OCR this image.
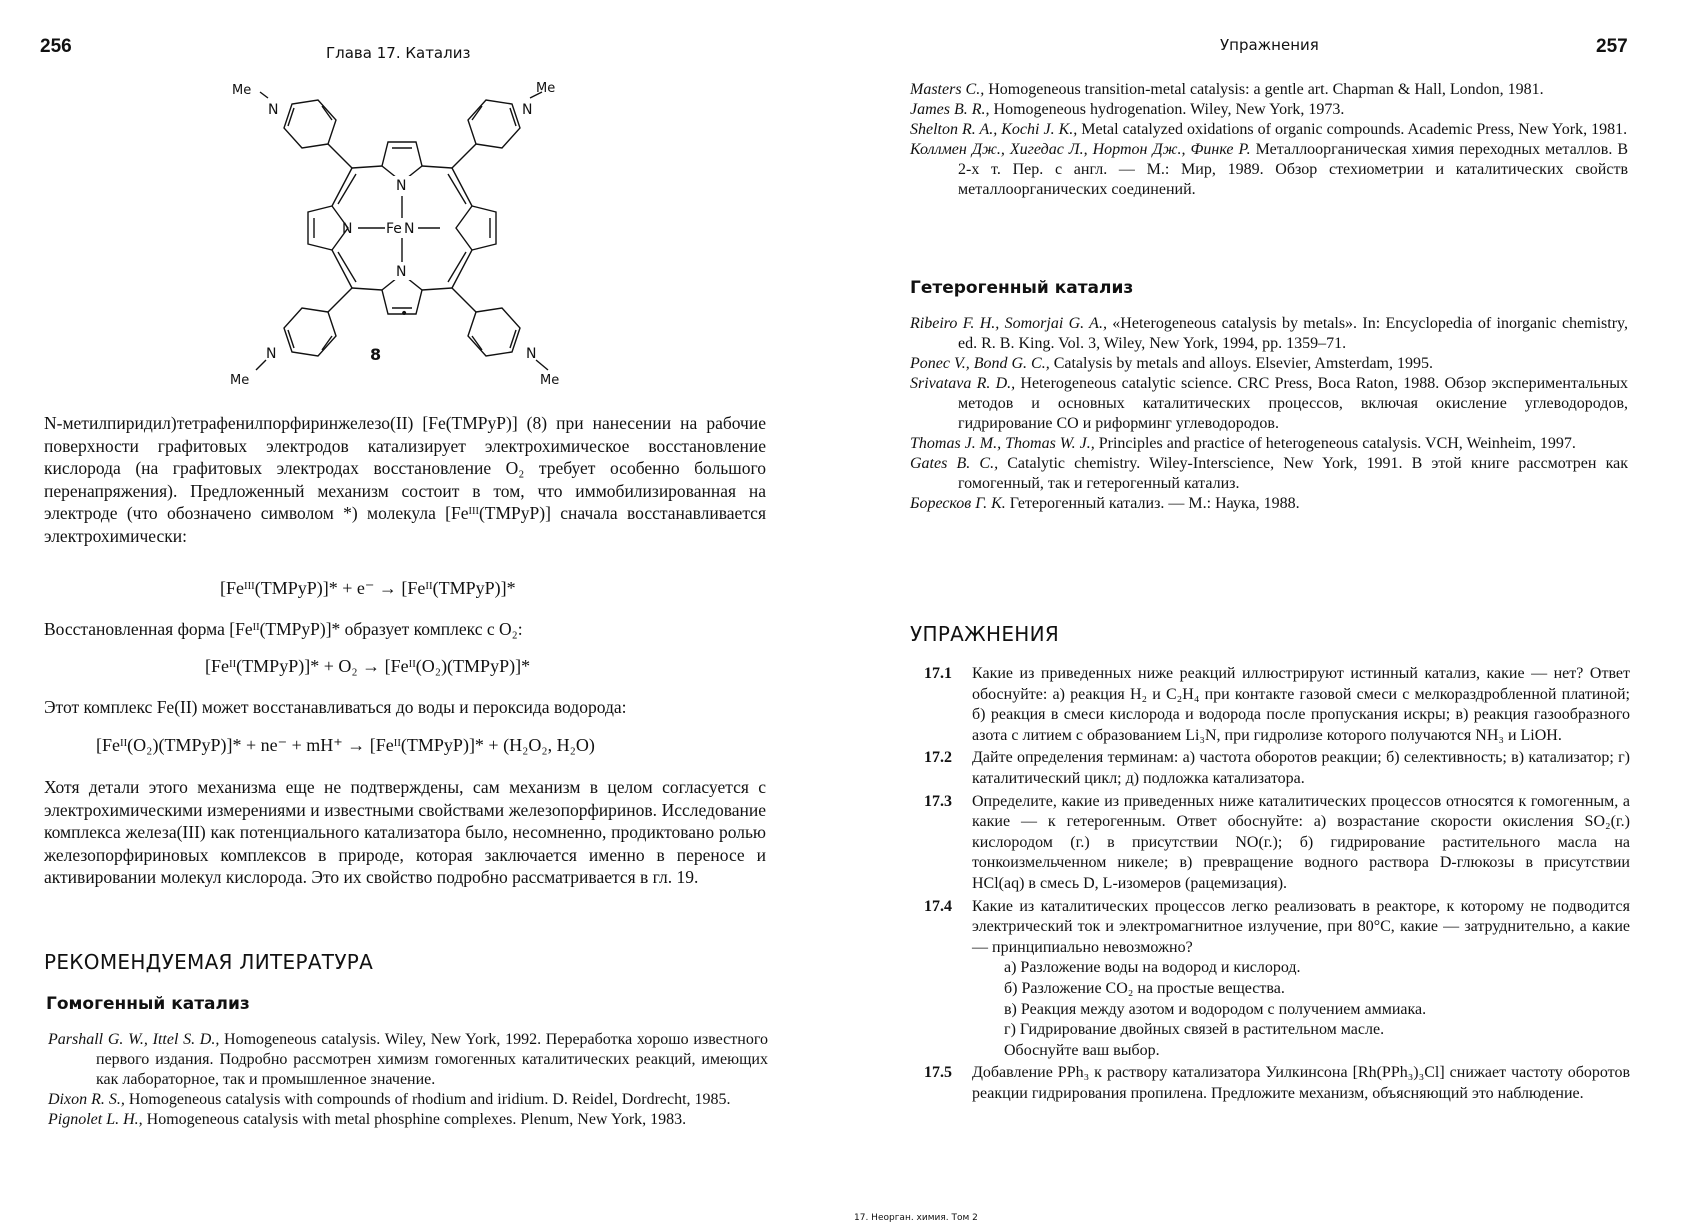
256	Глава 17. Катализ
N
N
N	N
Fe
N	N
N	N
Me	Me
Me	Me
•
8
N-метилпиридил)тетрафенилпорфиринжелезо(II) [Fe(TMPyP)] (8) при нанесении на рабочие поверхности графитовых электродов катализирует электрохимическое восстановление кислорода (на графитовых электродах восстановление O₂ требует особенно большого перенапряжения). Предложенный механизм состоит в том, что иммобилизированная на электроде (что обозначено символом *) молекула [Feᴵᴵᴵ(TMPyP)] сначала восстанавливается электрохимически:
[Feᴵᴵᴵ(TMPyP)]* + e⁻ → [Feᴵᴵ(TMPyP)]*
Восстановленная форма [Feᴵᴵ(TMPyP)]* образует комплекс с O₂:
[Feᴵᴵ(TMPyP)]* + O₂ → [Feᴵᴵ(O₂)(TMPyP)]*
Этот комплекс Fe(II) может восстанавливаться до воды и пероксида водорода:
[Feᴵᴵ(O₂)(TMPyP)]* + ne⁻ + mH⁺ → [Feᴵᴵ(TMPyP)]* + (H₂O₂, H₂O)
Хотя детали этого механизма еще не подтверждены, сам механизм в целом согласуется с электрохимическими измерениями и известными свойствами железопорфиринов. Исследование комплекса железа(III) как потенциального катализатора было, несомненно, продиктовано ролью железопорфириновых комплексов в природе, которая заключается именно в переносе и активировании молекул кислорода. Это их свойство подробно рассматривается в гл. 19.
РЕКОМЕНДУЕМАЯ ЛИТЕРАТУРА
Гомогенный катализ

Parshall G. W., Ittel S. D., Homogeneous catalysis. Wiley, New York, 1992. Переработка хорошо известного первого издания. Подробно рассмотрен химизм гомогенных каталитических реакций, имеющих как лабораторное, так и промышленное значение.

Dixon R. S., Homogeneous catalysis with compounds of rhodium and iridium. D. Reidel, Dordrecht, 1985.

Pignolet L. H., Homogeneous catalysis with metal phosphine complexes. Plenum, New York, 1983.

Упражнения	257

Masters C., Homogeneous transition-metal catalysis: a gentle art. Chapman & Hall, London, 1981.

James B. R., Homogeneous hydrogenation. Wiley, New York, 1973.

Shelton R. A., Kochi J. K., Metal catalyzed oxidations of organic compounds. Academic Press, New York, 1981.

Коллмен Дж., Хигедас Л., Нортон Дж., Финке Р. Металлоорганическая химия переходных металлов. В 2-х т. Пер. с англ. — М.: Мир, 1989. Обзор стехиометрии и каталитических свойств металлоорганических соединений.

Гетерогенный катализ

Ribeiro F. H., Somorjai G. A., «Heterogeneous catalysis by metals». In: Encyclopedia of inorganic chemistry, ed. R. B. King. Vol. 3, Wiley, New York, 1994, pp. 1359–71.

Ponec V., Bond G. C., Catalysis by metals and alloys. Elsevier, Amsterdam, 1995.

Srivatava R. D., Heterogeneous catalytic science. CRC Press, Boca Raton, 1988. Обзор экспериментальных методов и основных каталитических процессов, включая окисление углеводородов, гидрирование CO и риформинг углеводородов.

Thomas J. M., Thomas W. J., Principles and practice of heterogeneous catalysis. VCH, Weinheim, 1997.

Gates B. C., Catalytic chemistry. Wiley-Interscience, New York, 1991. В этой книге рассмотрен как гомогенный, так и гетерогенный катализ.

Боресков Г. К. Гетерогенный катализ. — М.: Наука, 1988.

УПРАЖНЕНИЯ
17.1 Какие из приведенных ниже реакций иллюстрируют истинный катализ, какие — нет? Ответ обоснуйте: а) реакция H₂ и C₂H₄ при контакте газовой смеси с мелкораздробленной платиной; б) реакция в смеси кислорода и водорода после пропускания искры; в) реакция газообразного азота с литием с образованием Li₃N, при гидролизе которого получаются NH₃ и LiOH.
17.2 Дайте определения терминам: а) частота оборотов реакции; б) селективность; в) катализатор; г) каталитический цикл; д) подложка катализатора.
17.3 Определите, какие из приведенных ниже каталитических процессов относятся к гомогенным, а какие — к гетерогенным. Ответ обоснуйте: а) возрастание скорости окисления SO₂(г.) кислородом (г.) в присутствии NO(г.); б) гидрирование растительного масла на тонкоизмельченном никеле; в) превращение водного раствора D-глюкозы в присутствии HCl(aq) в смесь D, L-изомеров (рацемизация).
17.4 Какие из каталитических процессов легко реализовать в реакторе, к которому не подводится электрический ток и электромагнитное излучение, при 80°C, какие — затруднительно, а какие — принципиально невозможно?
а) Разложение воды на водород и кислород.
б) Разложение CO₂ на простые вещества.
в) Реакция между азотом и водородом с получением аммиака.
г) Гидрирование двойных связей в растительном масле.
Обоснуйте ваш выбор.
17.5 Добавление PPh₃ к раствору катализатора Уилкинсона [Rh(PPh₃)₃Cl] снижает частоту оборотов реакции гидрирования пропилена. Предложите механизм, объясняющий это наблюдение.
17. Неорган. химия. Том 2
